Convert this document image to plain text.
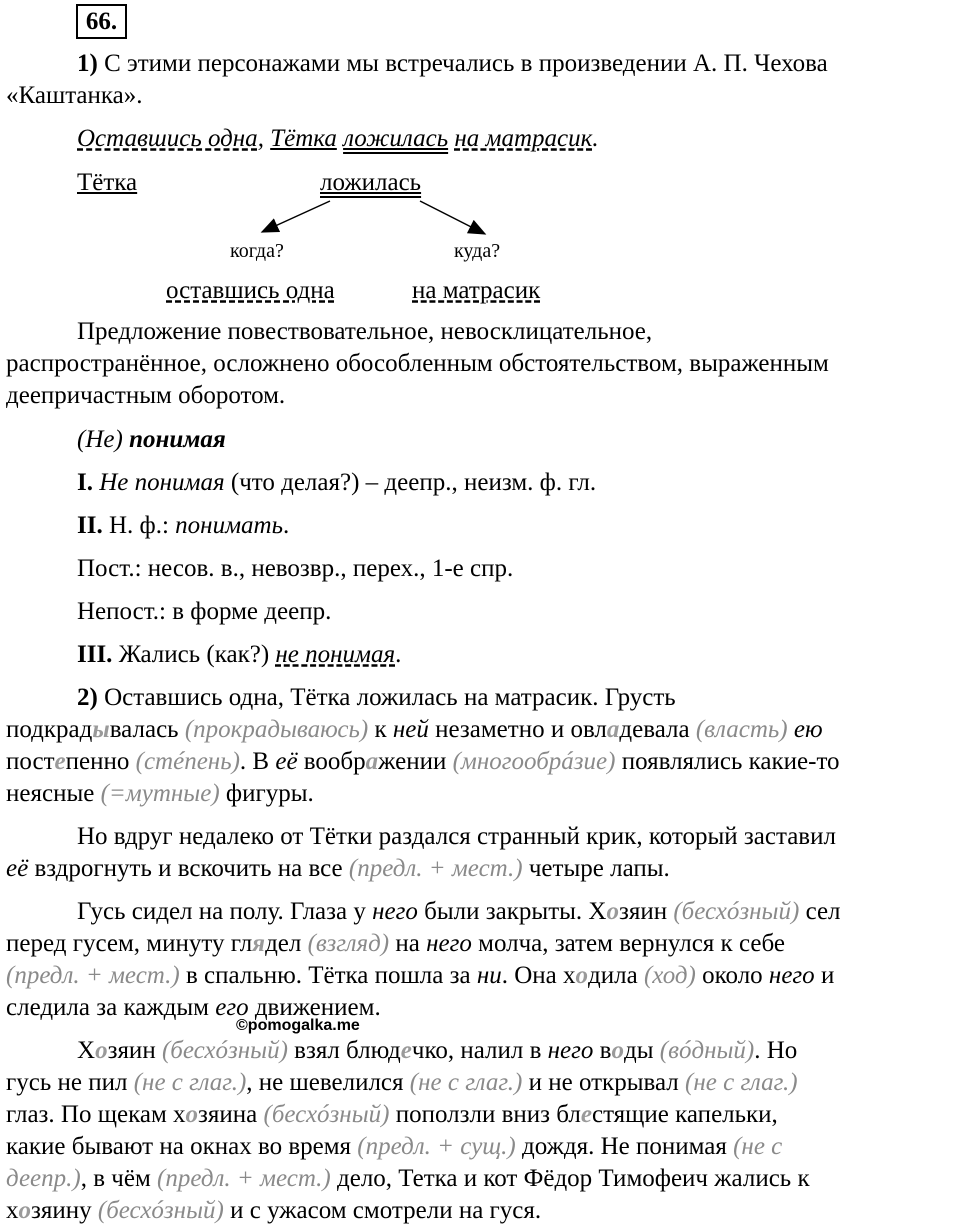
66.
1) С этими персонажами мы встречались в произведении А. П. Чехова
«Каштанка».
Оставшись одна, Тётка ложилась на матрасик.
Тётка	ложилась
когда?	куда?
оставшись одна	на матрасик
Предложение повествовательное, невосклицательное,
распространённое, осложнено обособленным обстоятельством, выраженным
деепричастным оборотом.
(Не) понимая
I. Не понимая (что делая?) – деепр., неизм. ф. гл.
II. Н. ф.: понимать.
Пост.: несов. в., невозвр., перех., 1-е спр.
Непост.: в форме деепр.
III. Жались (как?) не понимая.
2) Оставшись одна, Тётка ложилась на матрасик. Грусть
подкрадывалась (прокрадываюсь) к ней незаметно и овладевала (власть) ею
постепенно (стéпень). В её воображении (многообрáзие) появлялись какие-то
неясные (=мутные) фигуры.
Но вдруг недалеко от Тётки раздался странный крик, который заставил
её вздрогнуть и вскочить на все (предл. + мест.) четыре лапы.
Гусь сидел на полу. Глаза у него были закрыты. Хозяин (бесхóзный) сел
перед гусем, минуту глядел (взгляд) на него молча, затем вернулся к себе
(предл. + мест.) в спальню. Тётка пошла за ни. Она ходила (ход) около него и
следила за каждым его движением.
©pomogalka.me
Хозяин (бесхóзный) взял блюдечко, налил в него воды (вóдный). Но
гусь не пил (не с глаг.), не шевелился (не с глаг.) и не открывал (не с глаг.)
глаз. По щекам хозяина (бесхóзный) поползли вниз блестящие капельки,
какие бывают на окнах во время (предл. + сущ.) дождя. Не понимая (не с
деепр.), в чём (предл. + мест.) дело, Тетка и кот Фёдор Тимофеич жались к
хозяину (бесхóзный) и с ужасом смотрели на гуся.
